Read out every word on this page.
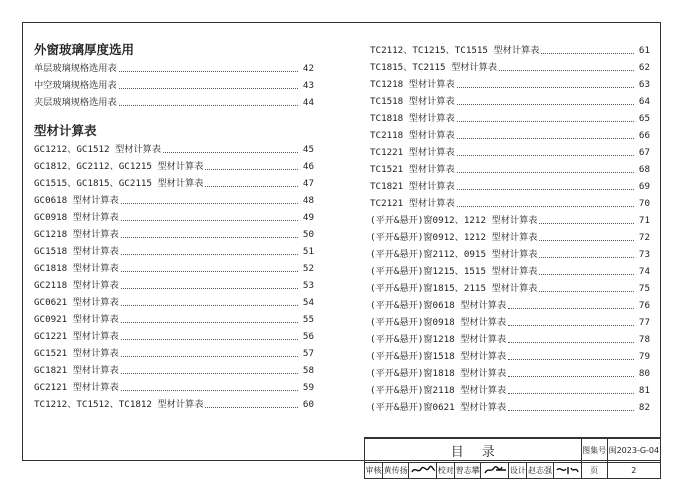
外窗玻璃厚度选用
单层玻璃规格选用表	42
中空玻璃规格选用表	43
夹层玻璃规格选用表	44
型材计算表
GC1212、GC1512 型材计算表	45
GC1812、GC2112、GC1215 型材计算表	46
GC1515、GC1815、GC2115 型材计算表	47
GC0618 型材计算表	48
GC0918 型材计算表	49
GC1218 型材计算表	50
GC1518 型材计算表	51
GC1818 型材计算表	52
GC2118 型材计算表	53
GC0621 型材计算表	54
GC0921 型材计算表	55
GC1221 型材计算表	56
GC1521 型材计算表	57
GC1821 型材计算表	58
GC2121 型材计算表	59
TC1212、TC1512、TC1812 型材计算表	60
TC2112、TC1215、TC1515 型材计算表	61
TC1815、TC2115 型材计算表	62
TC1218 型材计算表	63
TC1518 型材计算表	64
TC1818 型材计算表	65
TC2118 型材计算表	66
TC1221 型材计算表	67
TC1521 型材计算表	68
TC1821 型材计算表	69
TC2121 型材计算表	70
(平开&悬开)窗0912、1212 型材计算表	71
(平开&悬开)窗0912、1212 型材计算表	72
(平开&悬开)窗2112、0915 型材计算表	73
(平开&悬开)窗1215、1515 型材计算表	74
(平开&悬开)窗1815、2115 型材计算表	75
(平开&悬开)窗0618 型材计算表	76
(平开&悬开)窗0918 型材计算表	77
(平开&悬开)窗1218 型材计算表	78
(平开&悬开)窗1518 型材计算表	79
(平开&悬开)窗1818 型材计算表	80
(平开&悬开)窗2118 型材计算表	81
(平开&悬开)窗0621 型材计算表	82
目录									图集号	闽2023-G-04
审核	黄传扬		校对	曾志攀		设计	赵志强		页	2
